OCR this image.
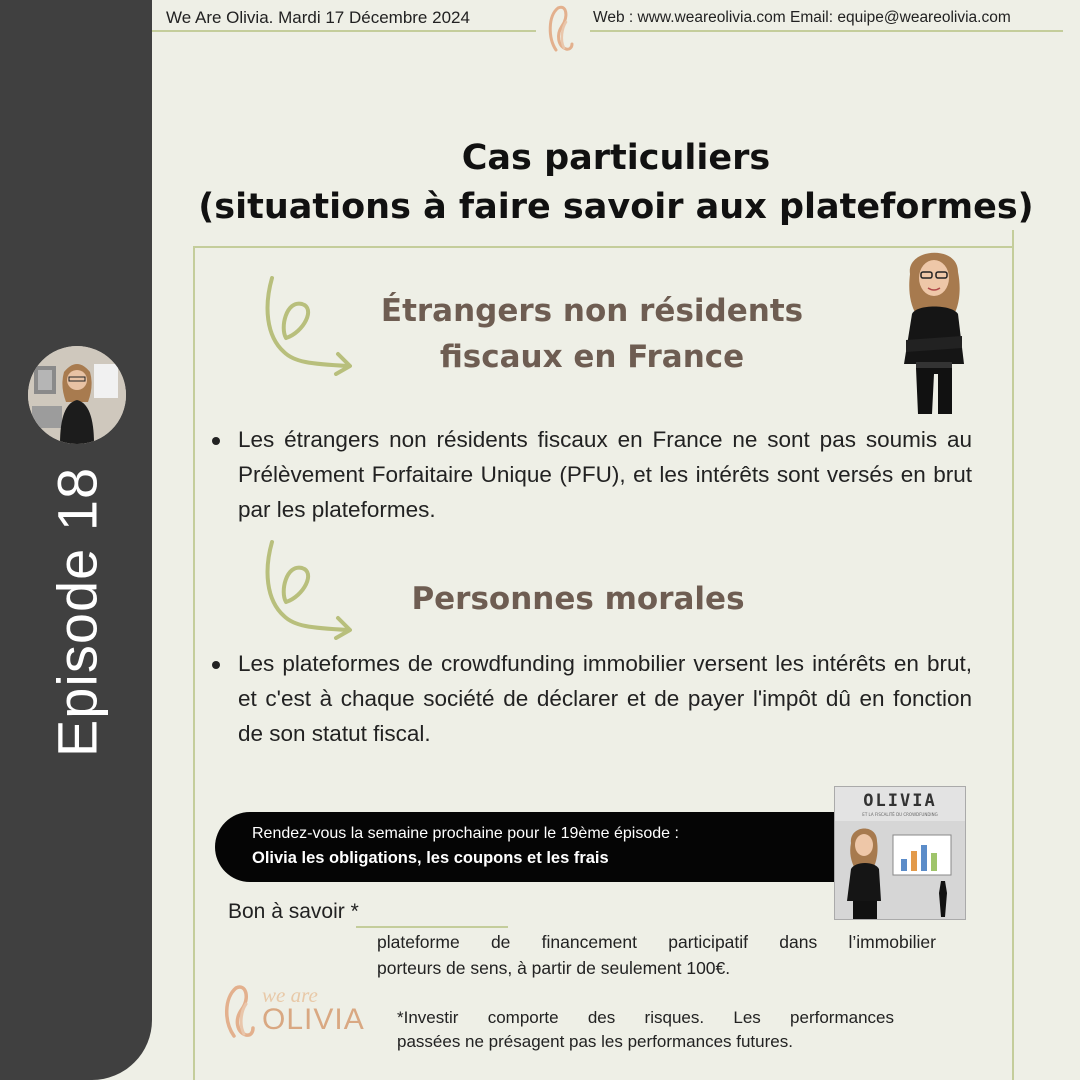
Episode 18
We Are Olivia. Mardi 17 Décembre 2024	Web : www.weareolivia.com Email: equipe@weareolivia.com
Cas particuliers
(situations à faire savoir aux plateformes)
Étrangers non résidents
fiscaux en France
Les étrangers non résidents fiscaux en France ne sont pas soumis au Prélèvement Forfaitaire Unique (PFU), et les intérêts sont versés en brut par les plateformes.
Personnes morales
Les plateformes de crowdfunding immobilier versent les intérêts en brut, et c'est à chaque société de déclarer et de payer l'impôt dû en fonction de son statut fiscal.
Rendez-vous la semaine prochaine pour le 19ème épisode :
Olivia les obligations, les coupons et les frais
OLIVIA
ET LA FISCALITÉ DU CROWDFUNDING
Bon à savoir *
plateforme de financement participatif dans l’immobilier
porteurs de sens, à partir de seulement 100€.
we are
OLIVIA *Investir comporte des risques. Les performances
passées ne présagent pas les performances futures.
